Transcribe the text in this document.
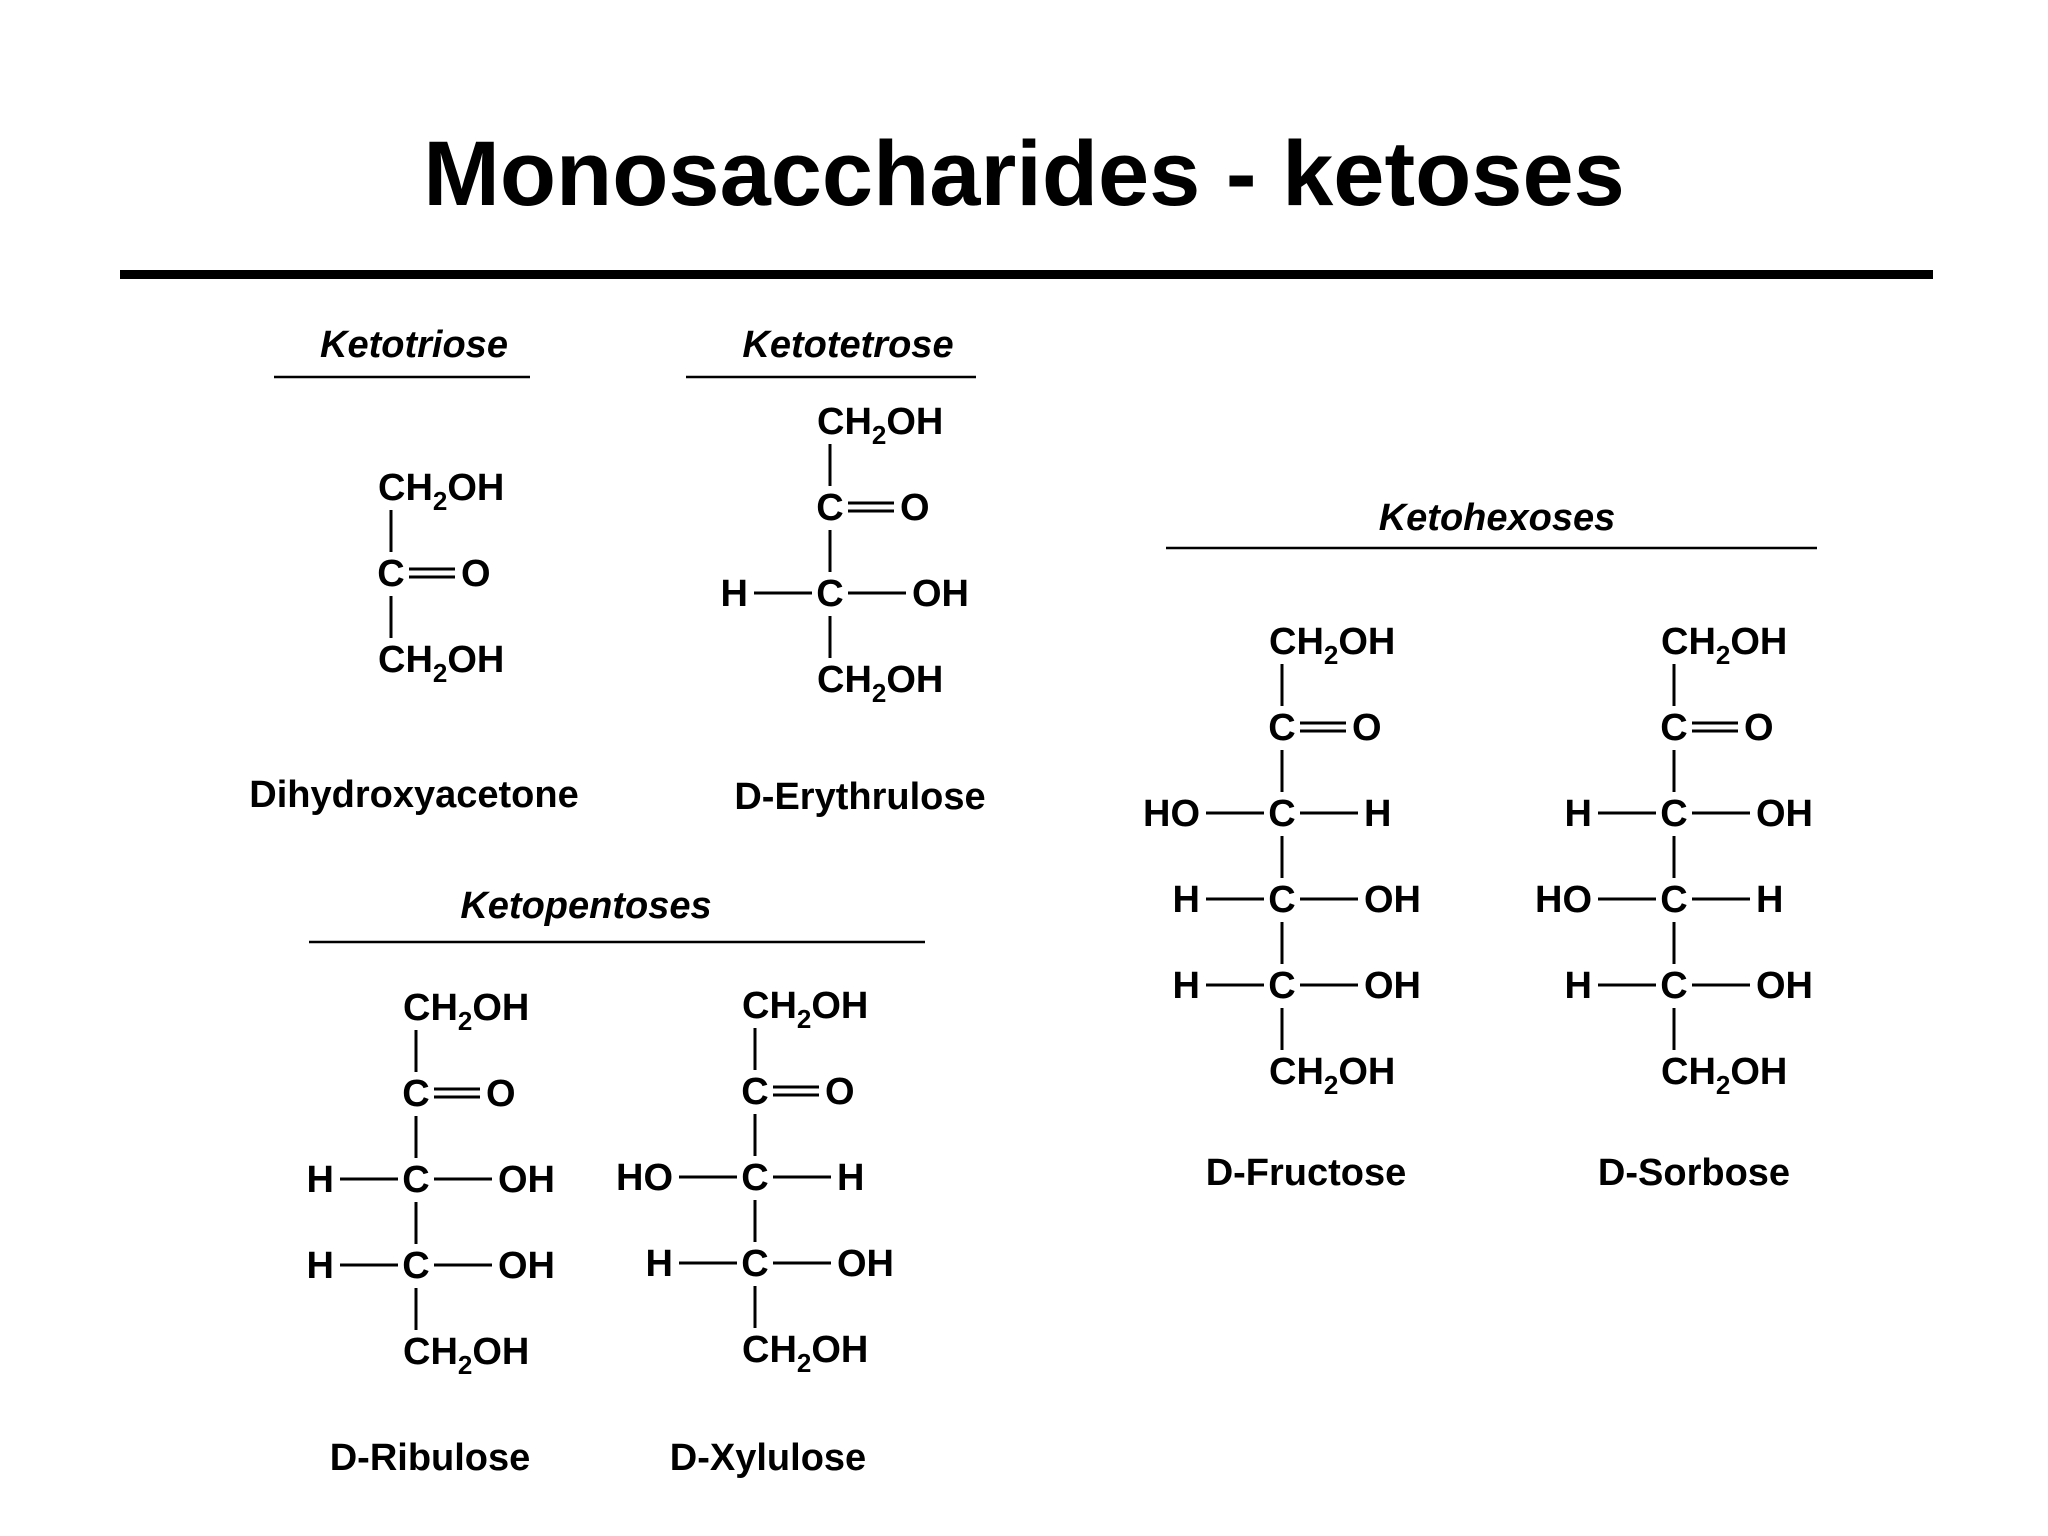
Monosaccharides - ketoses
Ketotriose
$CH_2OH$
C O
$CH_2OH$
Dihydroxyacetone
Ketotetrose
$CH_2OH$
C O
C
H	OH
$CH_2OH$
D-Erythrulose
Ketopentoses
$CH_2OH$
C O
C
H	OH
C
H	OH
$CH_2OH$
D-Ribulose
$CH_2OH$
C O
C
HO	H
C
H	OH
$CH_2OH$
D-Xylulose
Ketohexoses
$CH_2OH$
C O
C
HO	H
C
H	OH
C
H	OH
$CH_2OH$
D-Fructose
$CH_2OH$
C O
C
H	OH
C
HO	H
C
H	OH
$CH_2OH$
D-Sorbose
